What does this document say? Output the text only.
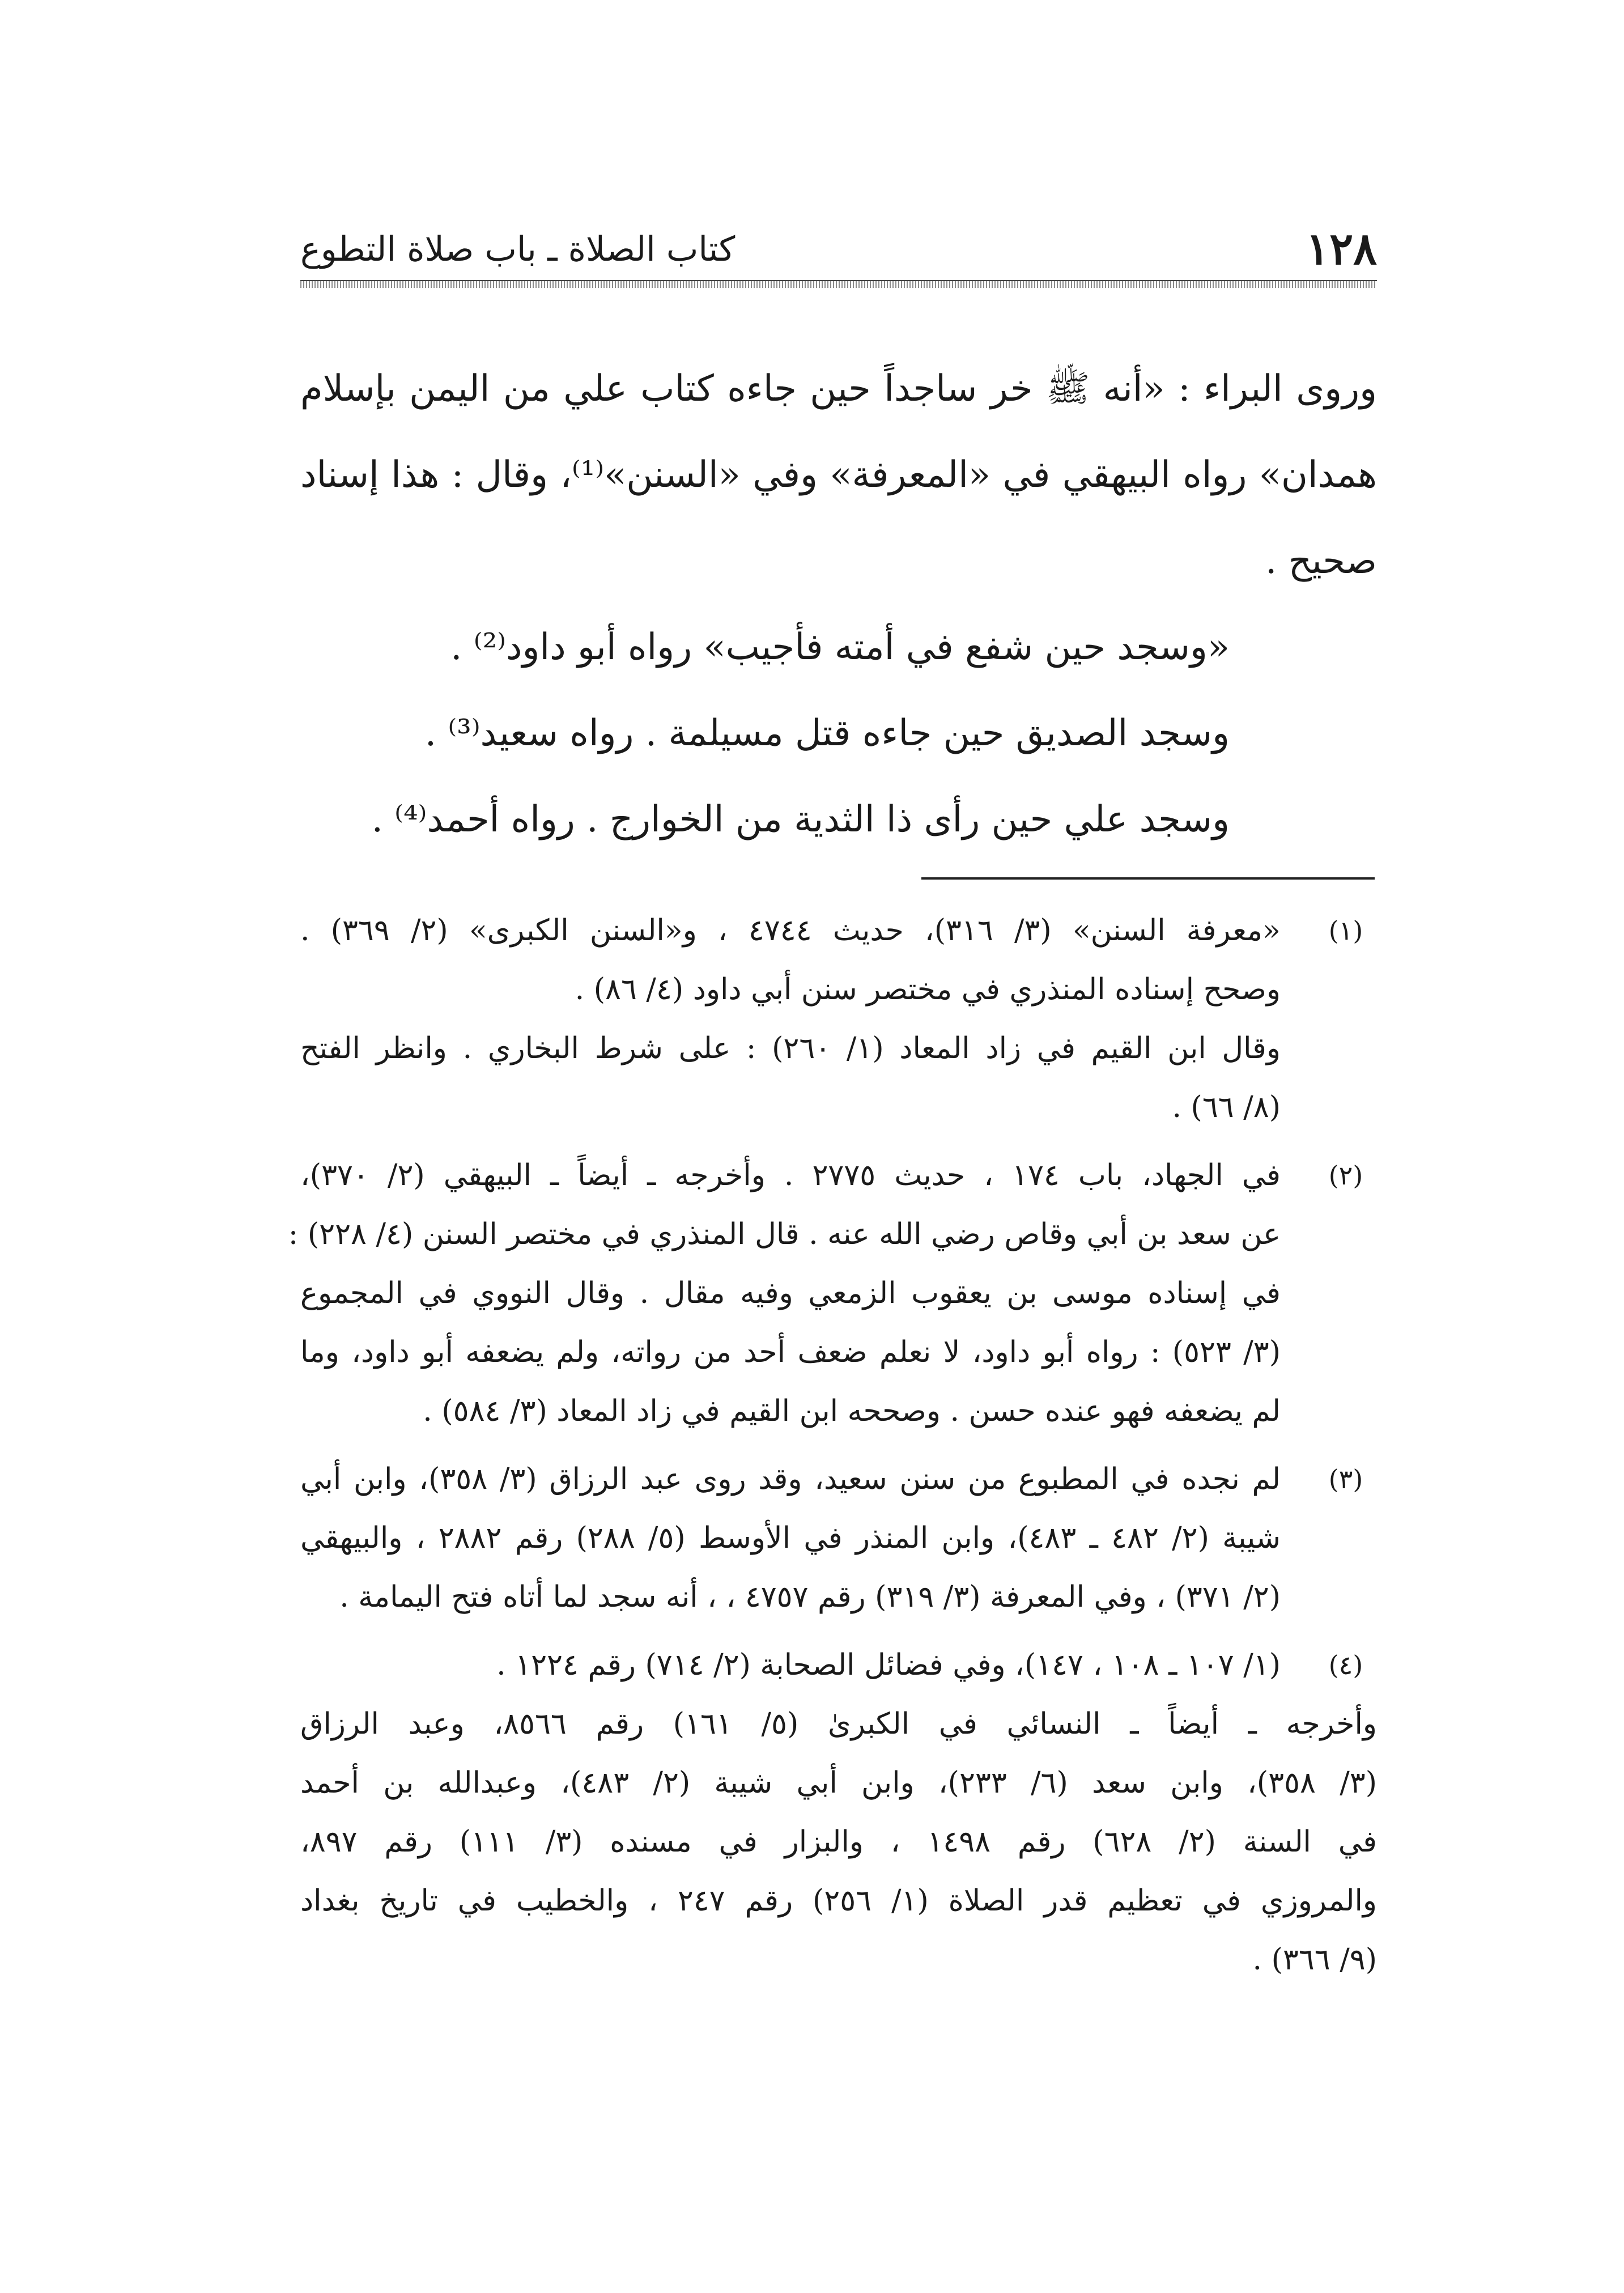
١٢٨
كتاب الصلاة ـ باب صلاة التطوع

وروى البراء : «أنه ﷺ خر ساجداً حين جاءه كتاب علي من اليمن بإسلام

همدان» رواه البيهقي في «المعرفة» وفي «السنن»⁽¹⁾، وقال : هذا إسناد

صحيح .

«وسجد حين شفع في أمته فأجيب» رواه أبو داود⁽²⁾ .

وسجد الصديق حين جاءه قتل مسيلمة . رواه سعيد⁽³⁾ .

وسجد علي حين رأى ذا الثدية من الخوارج . رواه أحمد⁽⁴⁾ .

(١)

«معرفة السنن» (٣/ ٣١٦)، حديث ٤٧٤٤ ، و«السنن الكبرى» (٢/ ٣٦٩) .

وصحح إسناده المنذري في مختصر سنن أبي داود (٤/ ٨٦) .

وقال ابن القيم في زاد المعاد (١/ ٢٦٠) : على شرط البخاري . وانظر الفتح

(٨/ ٦٦) .

(٢)

في الجهاد، باب ١٧٤ ، حديث ٢٧٧٥ . وأخرجه ـ أيضاً ـ البيهقي (٢/ ٣٧٠)،

عن سعد بن أبي وقاص رضي الله عنه . قال المنذري في مختصر السنن (٤/ ٢٢٨) :

في إسناده موسى بن يعقوب الزمعي وفيه مقال . وقال النووي في المجموع

(٣/ ٥٢٣) : رواه أبو داود، لا نعلم ضعف أحد من رواته، ولم يضعفه أبو داود، وما

لم يضعفه فهو عنده حسن . وصححه ابن القيم في زاد المعاد (٣/ ٥٨٤) .

(٣)

لم نجده في المطبوع من سنن سعيد، وقد روى عبد الرزاق (٣/ ٣٥٨)، وابن أبي

شيبة (٢/ ٤٨٢ ـ ٤٨٣)، وابن المنذر في الأوسط (٥/ ٢٨٨) رقم ٢٨٨٢ ، والبيهقي

(٢/ ٣٧١) ، وفي المعرفة (٣/ ٣١٩) رقم ٤٧٥٧ ، ، أنه سجد لما أتاه فتح اليمامة .

(٤)

(١/ ١٠٧ ـ ١٠٨ ، ١٤٧)، وفي فضائل الصحابة (٢/ ٧١٤) رقم ١٢٢٤ .

وأخرجه ـ أيضاً ـ النسائي في الكبرىٰ (٥/ ١٦١) رقم ٨٥٦٦، وعبد الرزاق

(٣/ ٣٥٨)، وابن سعد (٦/ ٢٣٣)، وابن أبي شيبة (٢/ ٤٨٣)، وعبدالله بن أحمد

في السنة (٢/ ٦٢٨) رقم ١٤٩٨ ، والبزار في مسنده (٣/ ١١١) رقم ٨٩٧،

والمروزي في تعظيم قدر الصلاة (١/ ٢٥٦) رقم ٢٤٧ ، والخطيب في تاريخ بغداد

(٩/ ٣٦٦) .
